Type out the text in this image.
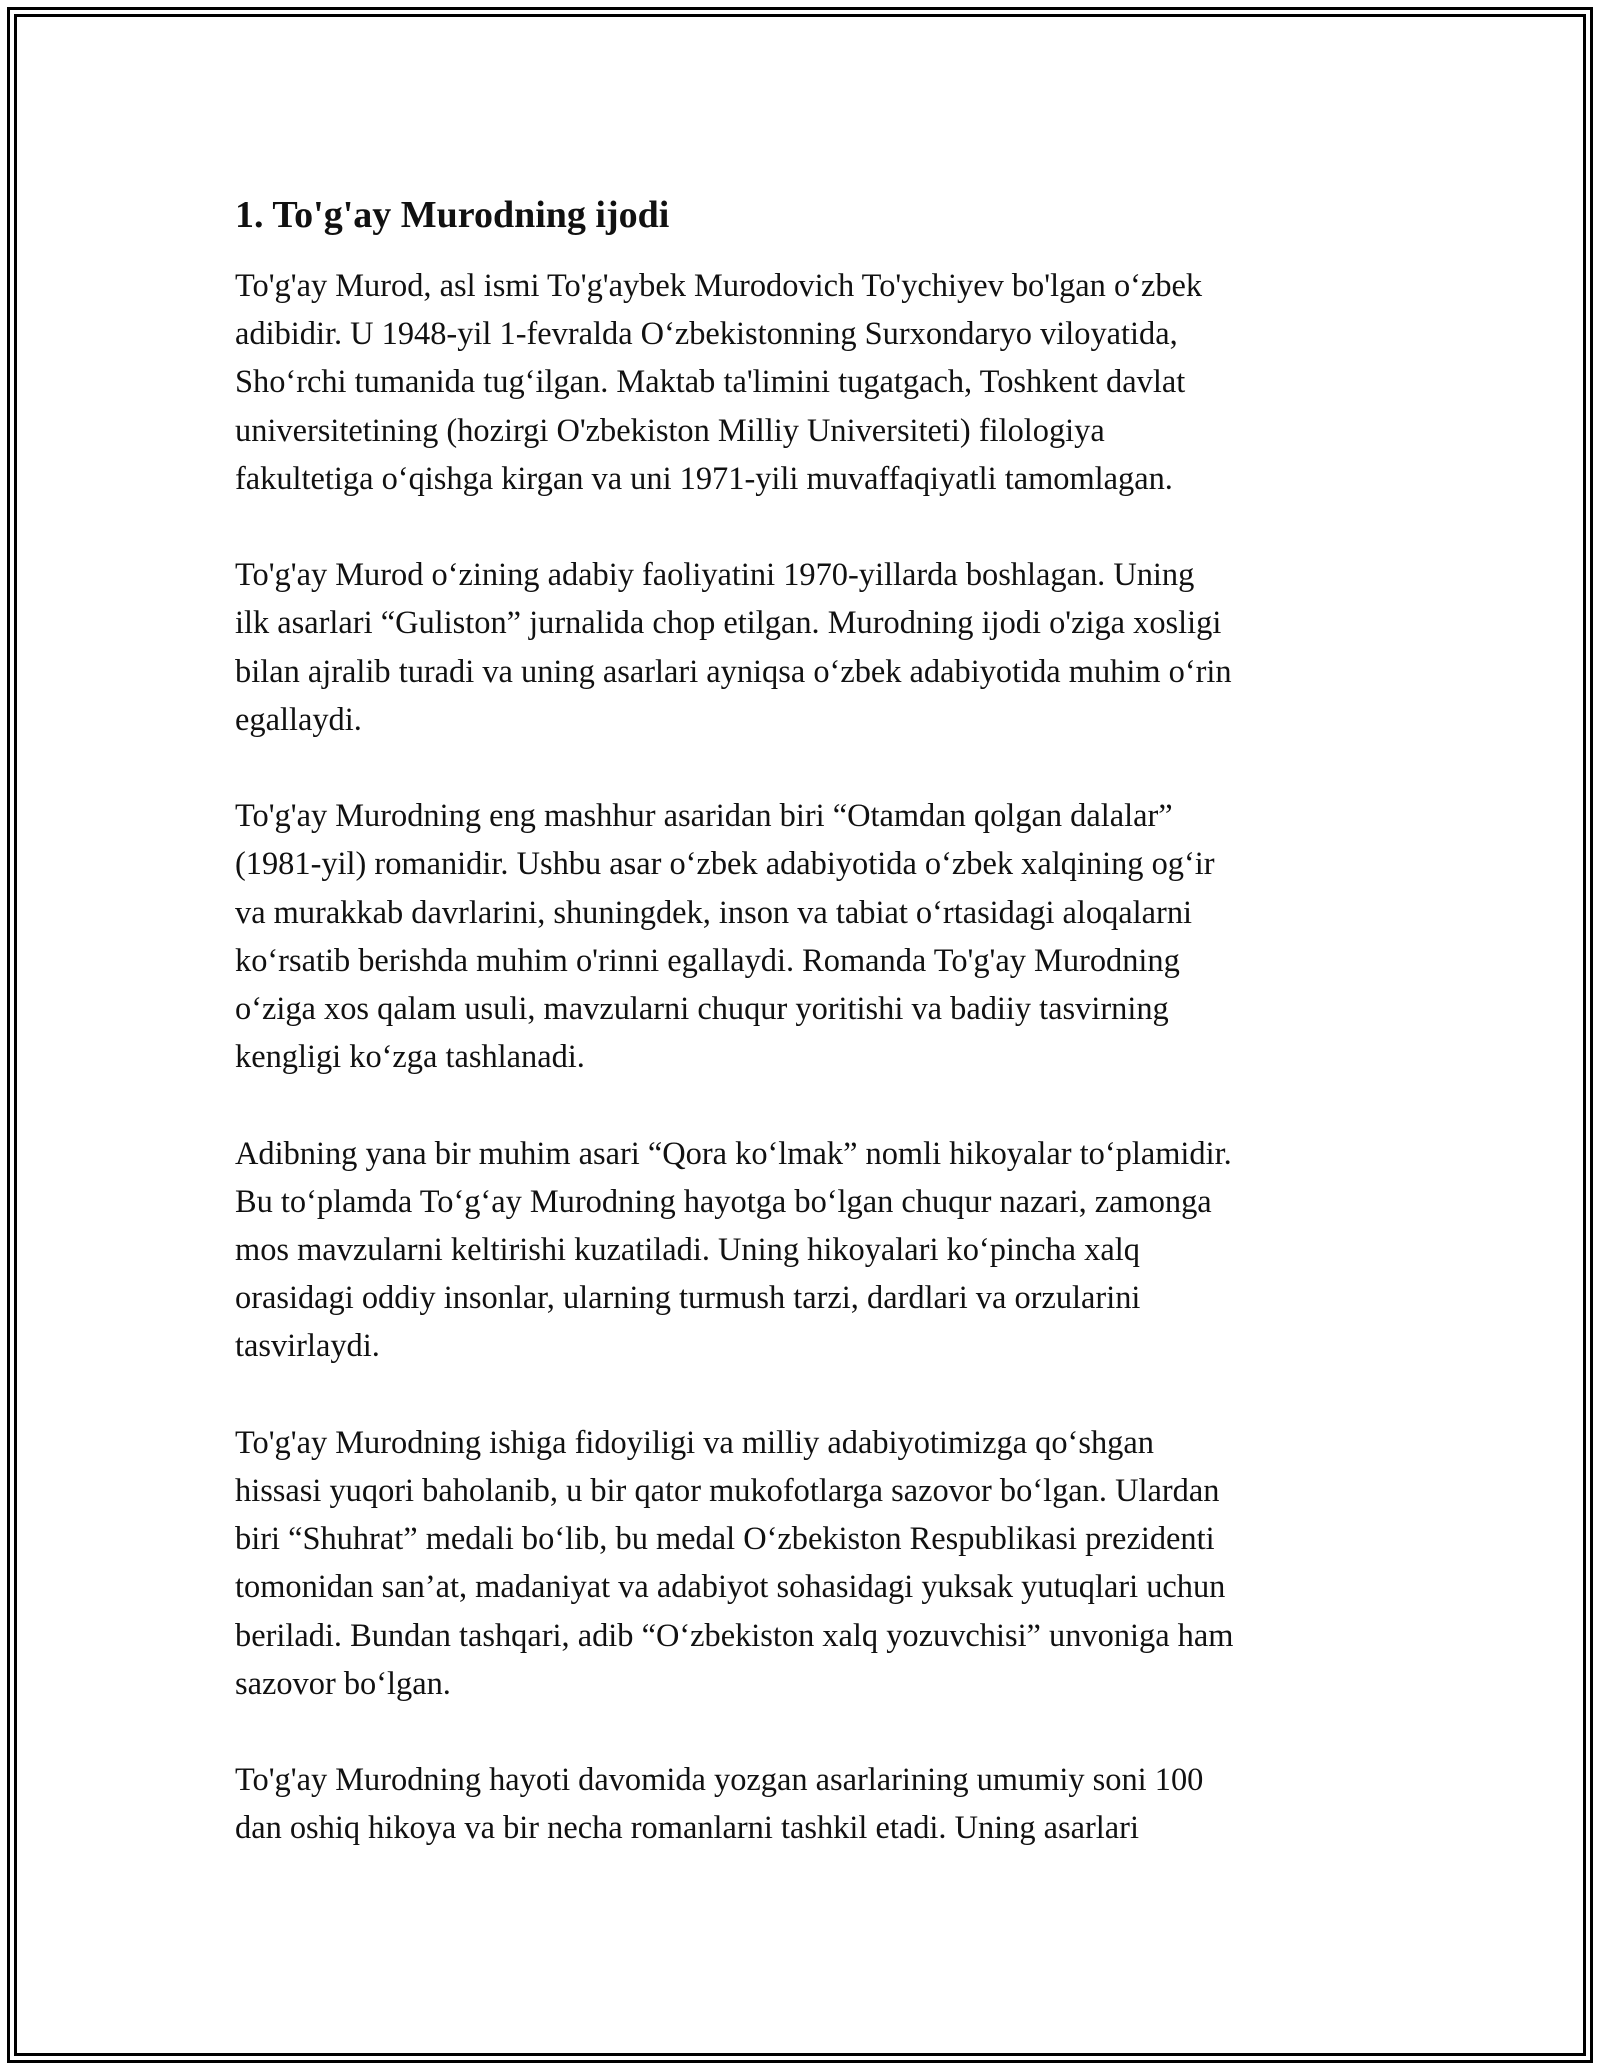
1. To'g'ay Murodning ijodi

To'g'ay Murod, asl ismi To'g'aybek Murodovich To'ychiyev bo'lgan oʻzbek
adibidir. U 1948-yil 1-fevralda Oʻzbekistonning Surxondaryo viloyatida,
Shoʻrchi tumanida tugʻilgan. Maktab ta'limini tugatgach, Toshkent davlat
universitetining (hozirgi O'zbekiston Milliy Universiteti) filologiya
fakultetiga oʻqishga kirgan va uni 1971-yili muvaffaqiyatli tamomlagan.

To'g'ay Murod oʻzining adabiy faoliyatini 1970-yillarda boshlagan. Uning
ilk asarlari “Guliston” jurnalida chop etilgan. Murodning ijodi o'ziga xosligi
bilan ajralib turadi va uning asarlari ayniqsa oʻzbek adabiyotida muhim oʻrin
egallaydi.

To'g'ay Murodning eng mashhur asaridan biri “Otamdan qolgan dalalar”
(1981-yil) romanidir. Ushbu asar oʻzbek adabiyotida oʻzbek xalqining ogʻir
va murakkab davrlarini, shuningdek, inson va tabiat oʻrtasidagi aloqalarni
koʻrsatib berishda muhim o'rinni egallaydi. Romanda To'g'ay Murodning
oʻziga xos qalam usuli, mavzularni chuqur yoritishi va badiiy tasvirning
kengligi koʻzga tashlanadi.

Adibning yana bir muhim asari “Qora koʻlmak” nomli hikoyalar toʻplamidir.
Bu toʻplamda Toʻgʻay Murodning hayotga boʻlgan chuqur nazari, zamonga
mos mavzularni keltirishi kuzatiladi. Uning hikoyalari koʻpincha xalq
orasidagi oddiy insonlar, ularning turmush tarzi, dardlari va orzularini
tasvirlaydi.

To'g'ay Murodning ishiga fidoyiligi va milliy adabiyotimizga qoʻshgan
hissasi yuqori baholanib, u bir qator mukofotlarga sazovor boʻlgan. Ulardan
biri “Shuhrat” medali boʻlib, bu medal Oʻzbekiston Respublikasi prezidenti
tomonidan san’at, madaniyat va adabiyot sohasidagi yuksak yutuqlari uchun
beriladi. Bundan tashqari, adib “Oʻzbekiston xalq yozuvchisi” unvoniga ham
sazovor boʻlgan.

To'g'ay Murodning hayoti davomida yozgan asarlarining umumiy soni 100
dan oshiq hikoya va bir necha romanlarni tashkil etadi. Uning asarlari
